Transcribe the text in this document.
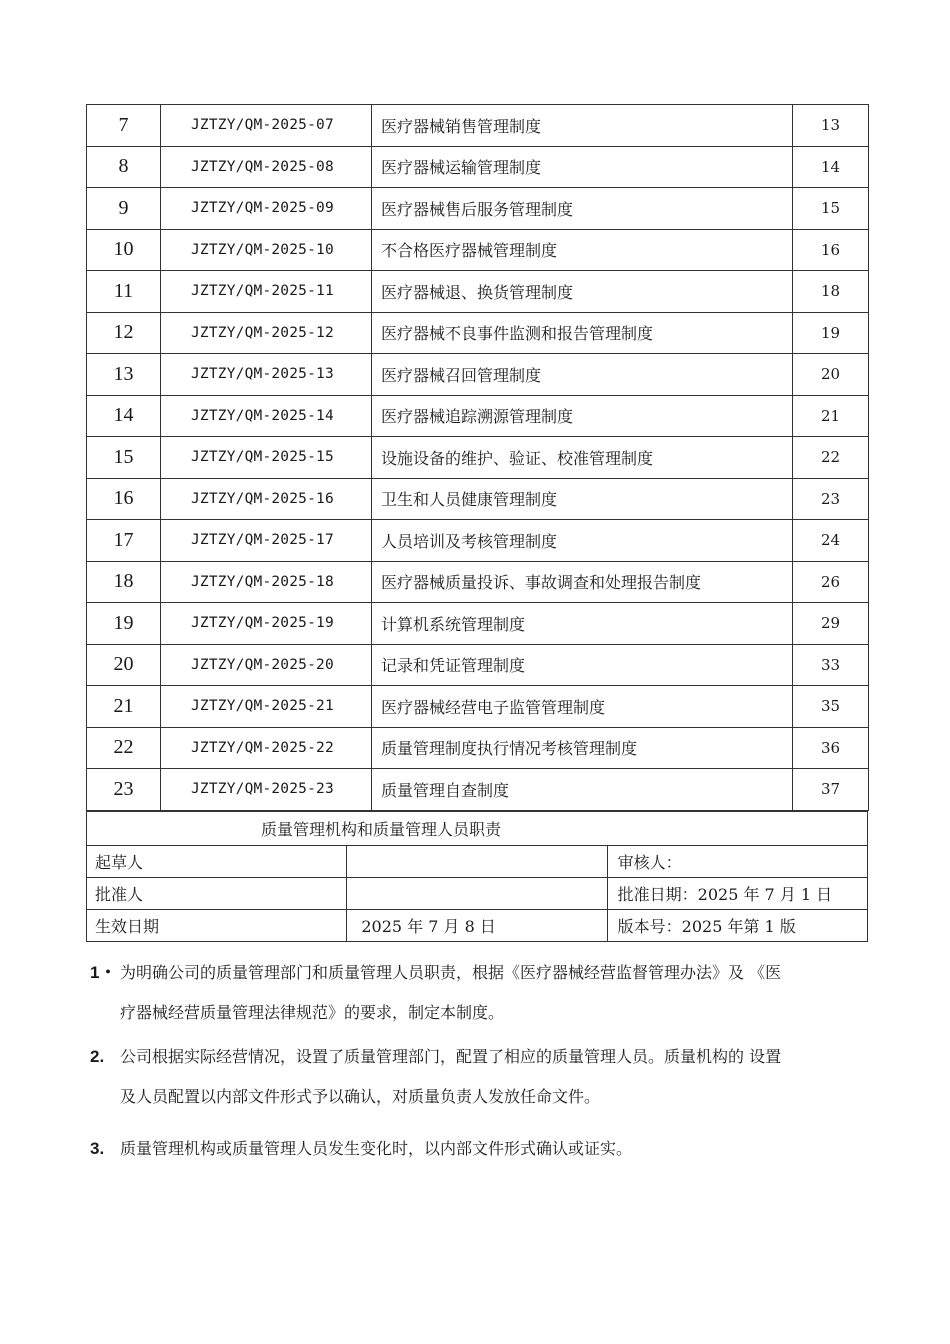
7	JZTZY/QM-2025-07	医疗器械销售管理制度	13
8	JZTZY/QM-2025-08	医疗器械运输管理制度	14
9	JZTZY/QM-2025-09	医疗器械售后服务管理制度	15
10	JZTZY/QM-2025-10	不合格医疗器械管理制度	16
11	JZTZY/QM-2025-11	医疗器械退、换货管理制度	18
12	JZTZY/QM-2025-12	医疗器械不良事件监测和报告管理制度	19
13	JZTZY/QM-2025-13	医疗器械召回管理制度	20
14	JZTZY/QM-2025-14	医疗器械追踪溯源管理制度	21
15	JZTZY/QM-2025-15	设施设备的维护、验证、校准管理制度	22
16	JZTZY/QM-2025-16	卫生和人员健康管理制度	23
17	JZTZY/QM-2025-17	人员培训及考核管理制度	24
18	JZTZY/QM-2025-18	医疗器械质量投诉、事故调查和处理报告制度	26
19	JZTZY/QM-2025-19	计算机系统管理制度	29
20	JZTZY/QM-2025-20	记录和凭证管理制度	33
21	JZTZY/QM-2025-21	医疗器械经营电子监管管理制度	35
22	JZTZY/QM-2025-22	质量管理制度执行情况考核管理制度	36
23	JZTZY/QM-2025-23	质量管理自查制度	37
质量管理机构和质量管理人员职责		
起草人		审核人：
批准人		批准日期：2025 年 7 月 1 日
生效日期	2025 年 7 月 8 日	版本号：2025 年第 1 版
1・ 为明确公司的质量管理部门和质量管理人员职责，根据《医疗器械经营监督管理办法》及 《医
疗器械经营质量管理法律规范》的要求，制定本制度。
2. 公司根据实际经营情况，设置了质量管理部门，配置了相应的质量管理人员。质量机构的 设置
及人员配置以内部文件形式予以确认，对质量负责人发放任命文件。
3. 质量管理机构或质量管理人员发生变化时，以内部文件形式确认或证实。
